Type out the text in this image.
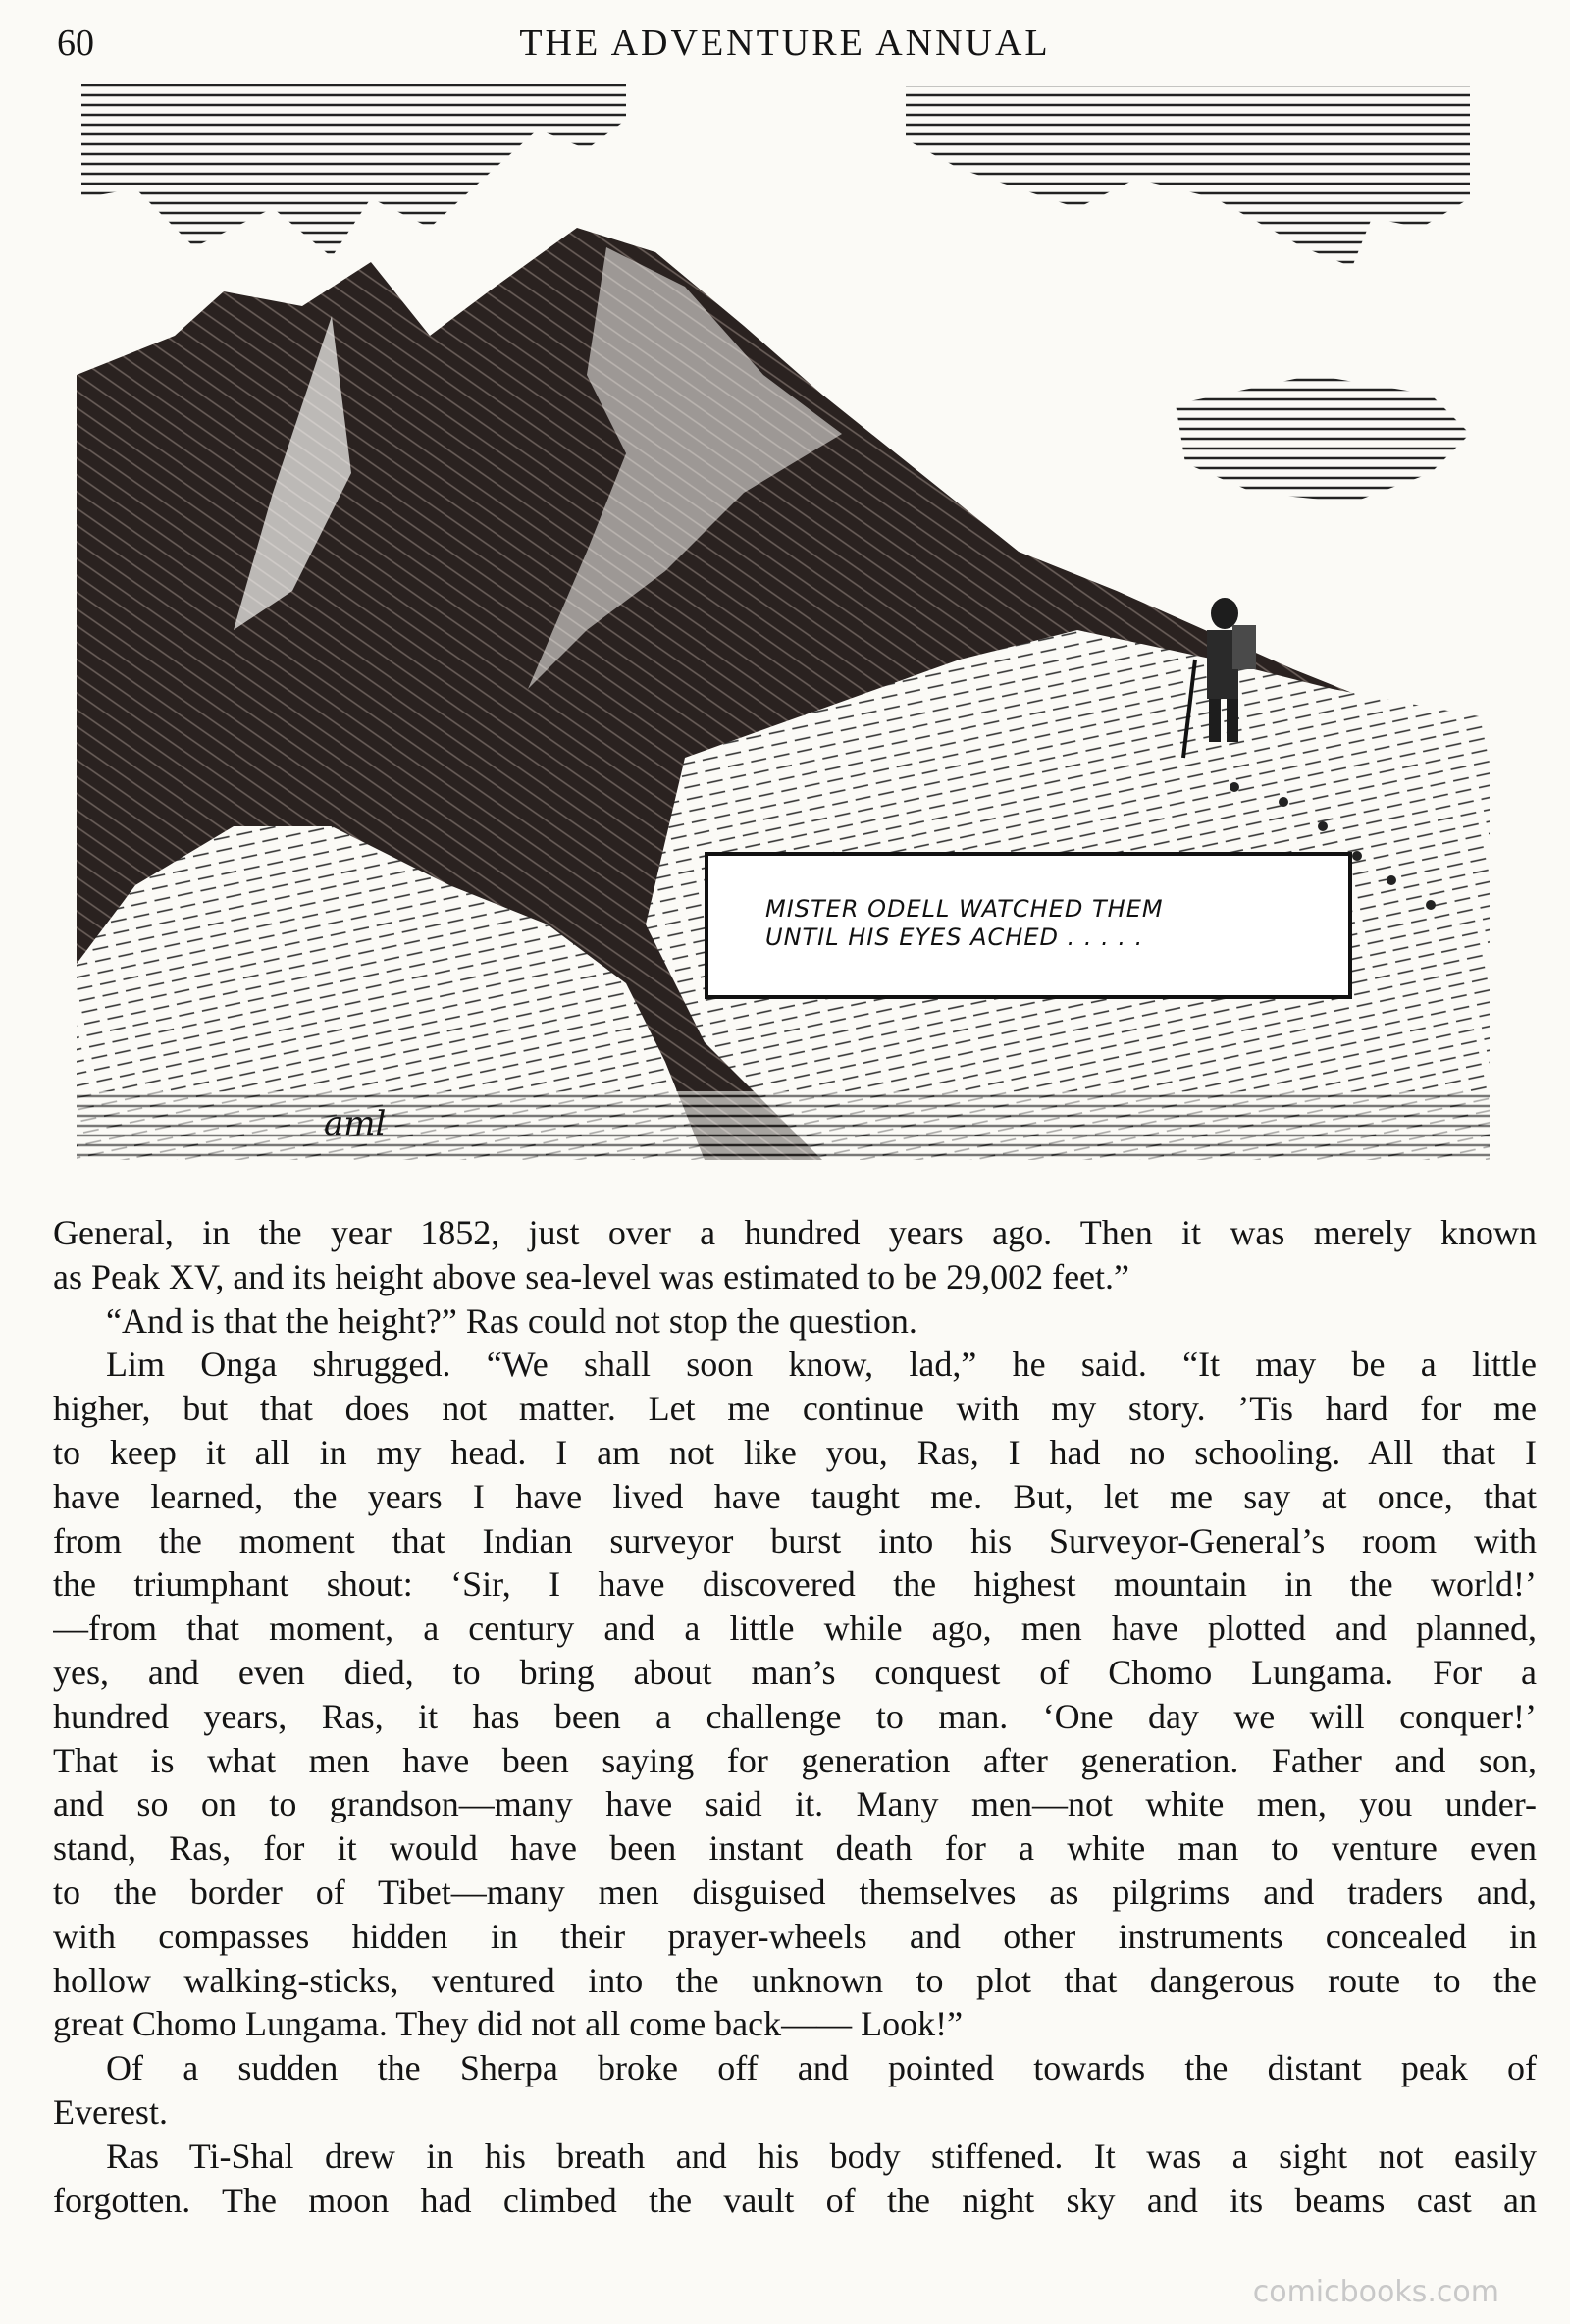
60	THE ADVENTURE ANNUAL
MISTER ODELL WATCHED THEM
UNTIL HIS EYES ACHED . . . . .
aml
General, in the year 1852, just over a hundred years ago. Then it was merely known
as Peak XV, and its height above sea-level was estimated to be 29,002 feet.”
“And is that the height?” Ras could not stop the question.
Lim Onga shrugged. “We shall soon know, lad,” he said. “It may be a little
higher, but that does not matter. Let me continue with my story. ’Tis hard for me
to keep it all in my head. I am not like you, Ras, I had no schooling. All that I
have learned, the years I have lived have taught me. But, let me say at once, that
from the moment that Indian surveyor burst into his Surveyor-General’s room with
the triumphant shout: ‘Sir, I have discovered the highest mountain in the world!’
—from that moment, a century and a little while ago, men have plotted and planned,
yes, and even died, to bring about man’s conquest of Chomo Lungama. For a
hundred years, Ras, it has been a challenge to man. ‘One day we will conquer!’
That is what men have been saying for generation after generation. Father and son,
and so on to grandson—many have said it. Many men—not white men, you under-
stand, Ras, for it would have been instant death for a white man to venture even
to the border of Tibet—many men disguised themselves as pilgrims and traders and,
with compasses hidden in their prayer-wheels and other instruments concealed in
hollow walking-sticks, ventured into the unknown to plot that dangerous route to the
great Chomo Lungama. They did not all come back—— Look!”
Of a sudden the Sherpa broke off and pointed towards the distant peak of
Everest.
Ras Ti-Shal drew in his breath and his body stiffened. It was a sight not easily
forgotten. The moon had climbed the vault of the night sky and its beams cast an
comicbooks.com
